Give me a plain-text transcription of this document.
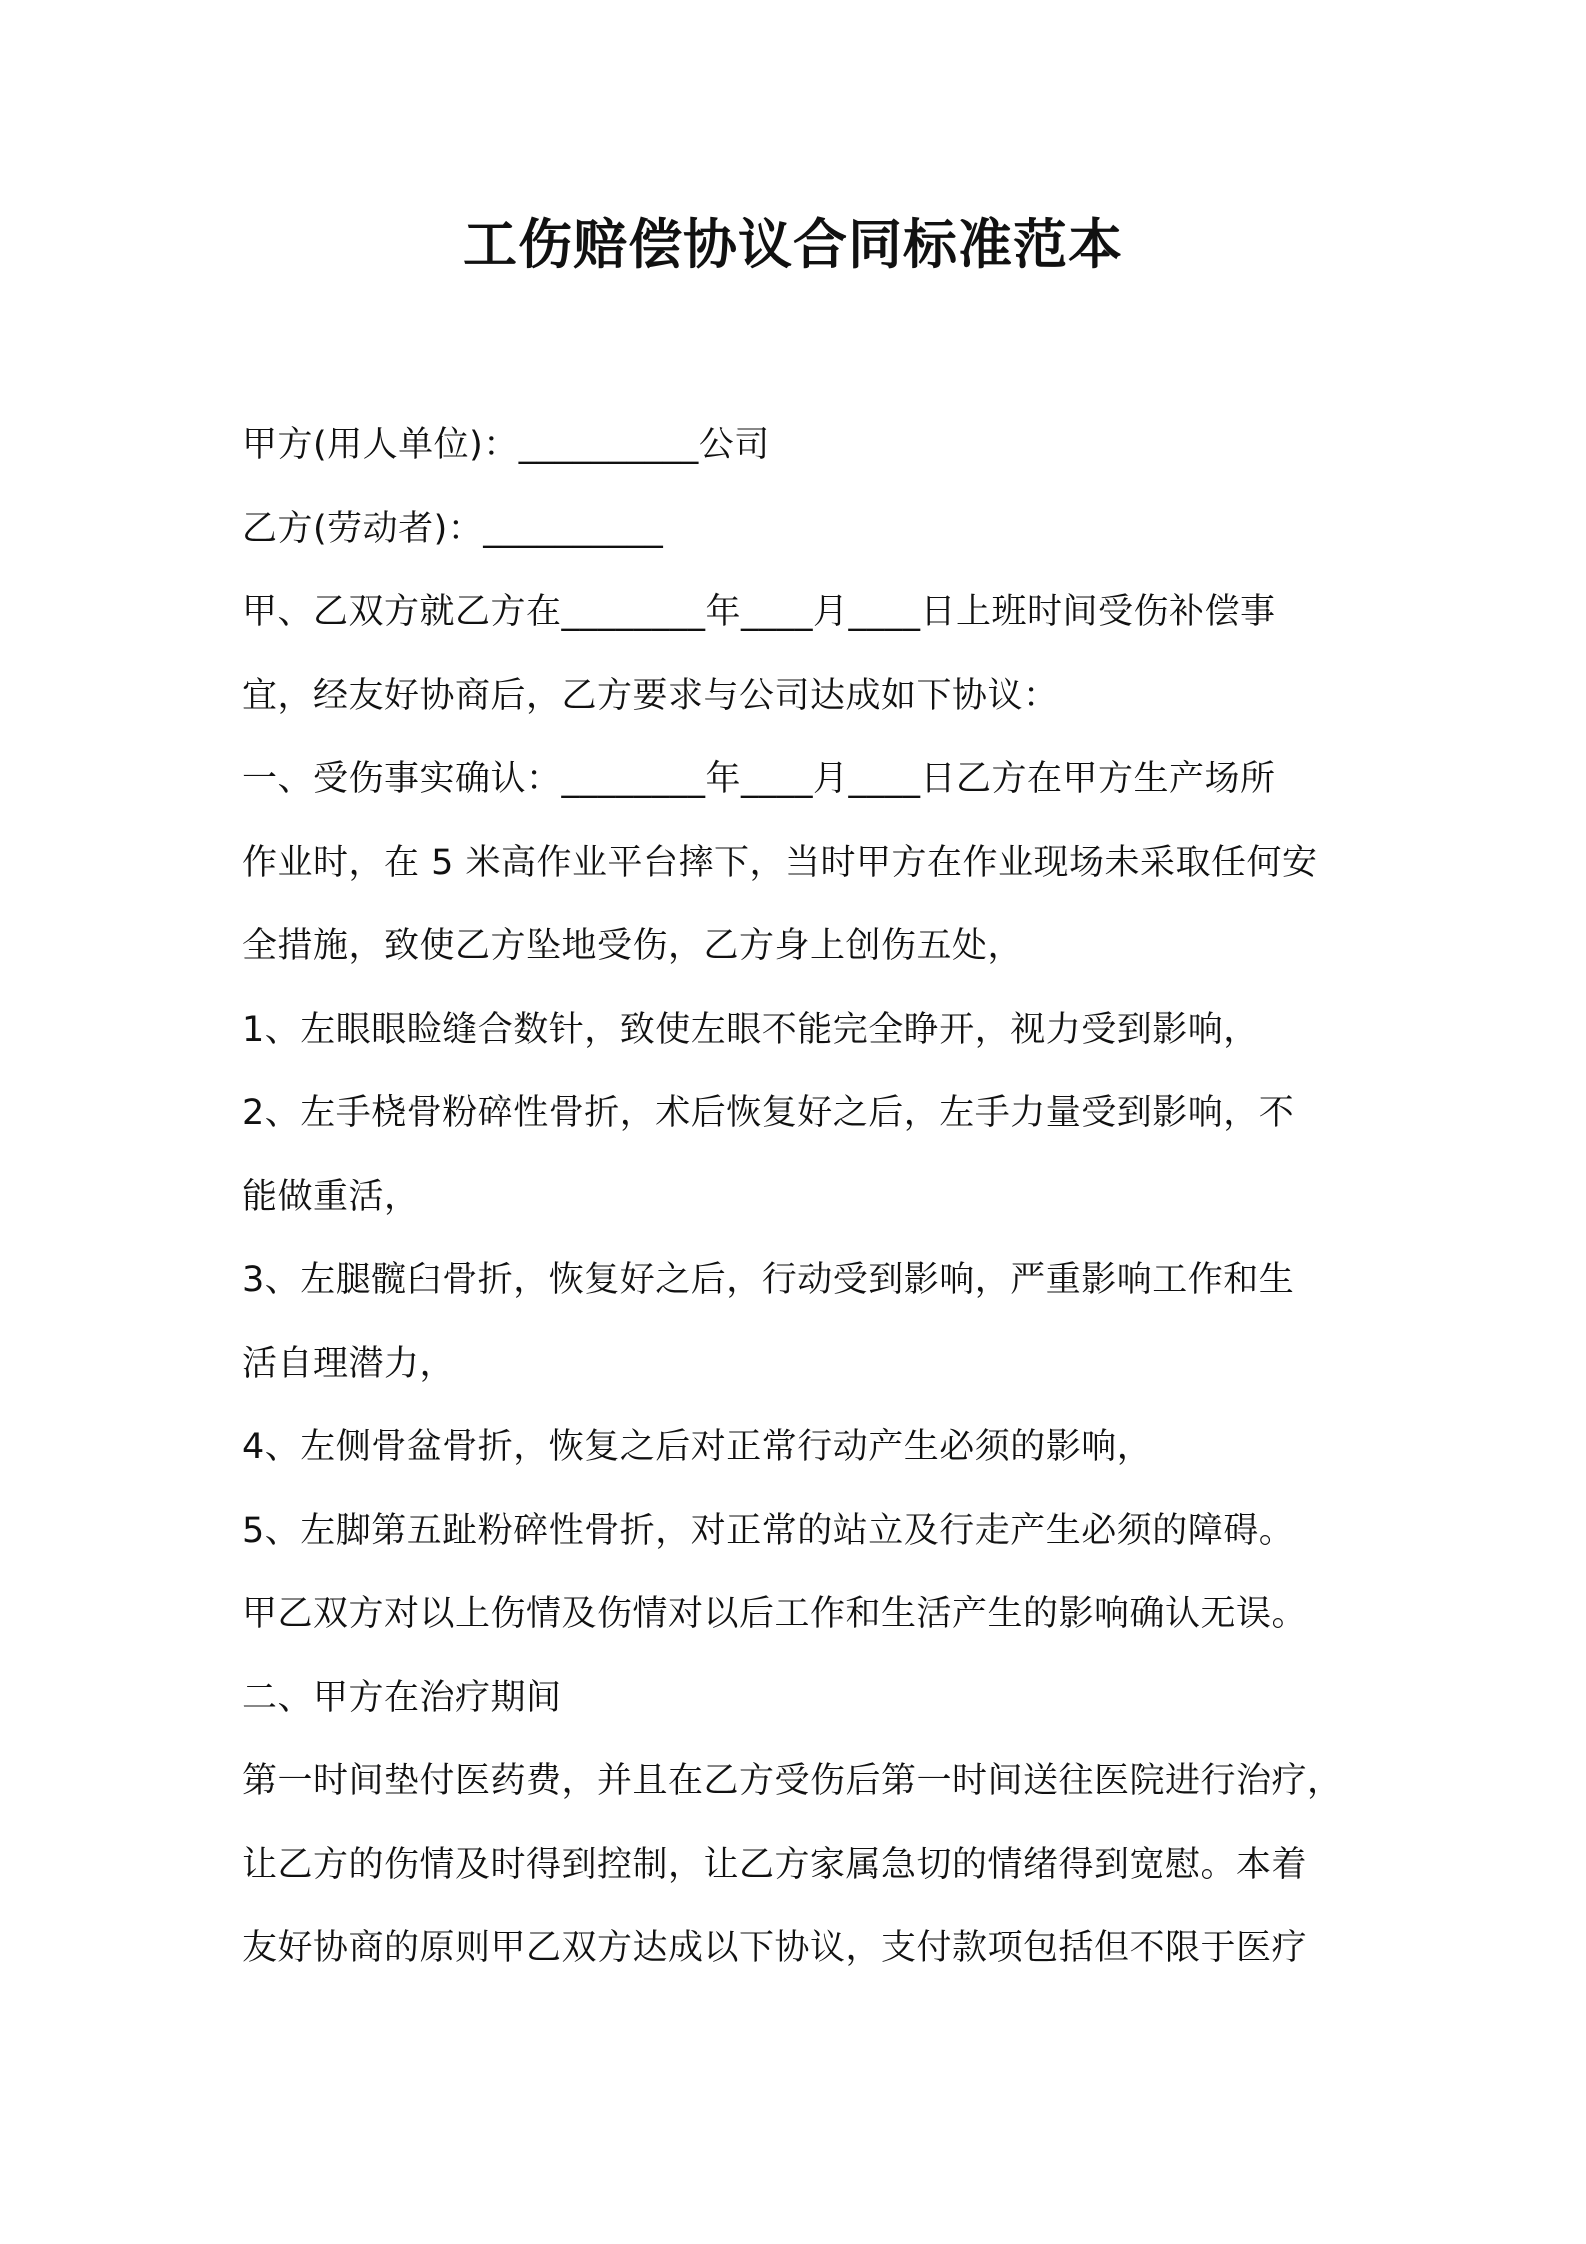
工伤赔偿协议合同标准范本
甲方(用人单位)：__________公司
乙方(劳动者)：__________
甲、乙双方就乙方在________年____月____日上班时间受伤补偿事
宜，经友好协商后，乙方要求与公司达成如下协议：
一、受伤事实确认：________年____月____日乙方在甲方生产场所
作业时，在 5 米高作业平台摔下，当时甲方在作业现场未采取任何安
全措施，致使乙方坠地受伤，乙方身上创伤五处，
1、左眼眼睑缝合数针，致使左眼不能完全睁开，视力受到影响，
2、左手桡骨粉碎性骨折，术后恢复好之后，左手力量受到影响，不
能做重活，
3、左腿髋臼骨折，恢复好之后，行动受到影响，严重影响工作和生
活自理潜力，
4、左侧骨盆骨折，恢复之后对正常行动产生必须的影响，
5、左脚第五趾粉碎性骨折，对正常的站立及行走产生必须的障碍。
甲乙双方对以上伤情及伤情对以后工作和生活产生的影响确认无误。
二、甲方在治疗期间
第一时间垫付医药费，并且在乙方受伤后第一时间送往医院进行治疗，
让乙方的伤情及时得到控制，让乙方家属急切的情绪得到宽慰。本着
友好协商的原则甲乙双方达成以下协议，支付款项包括但不限于医疗
